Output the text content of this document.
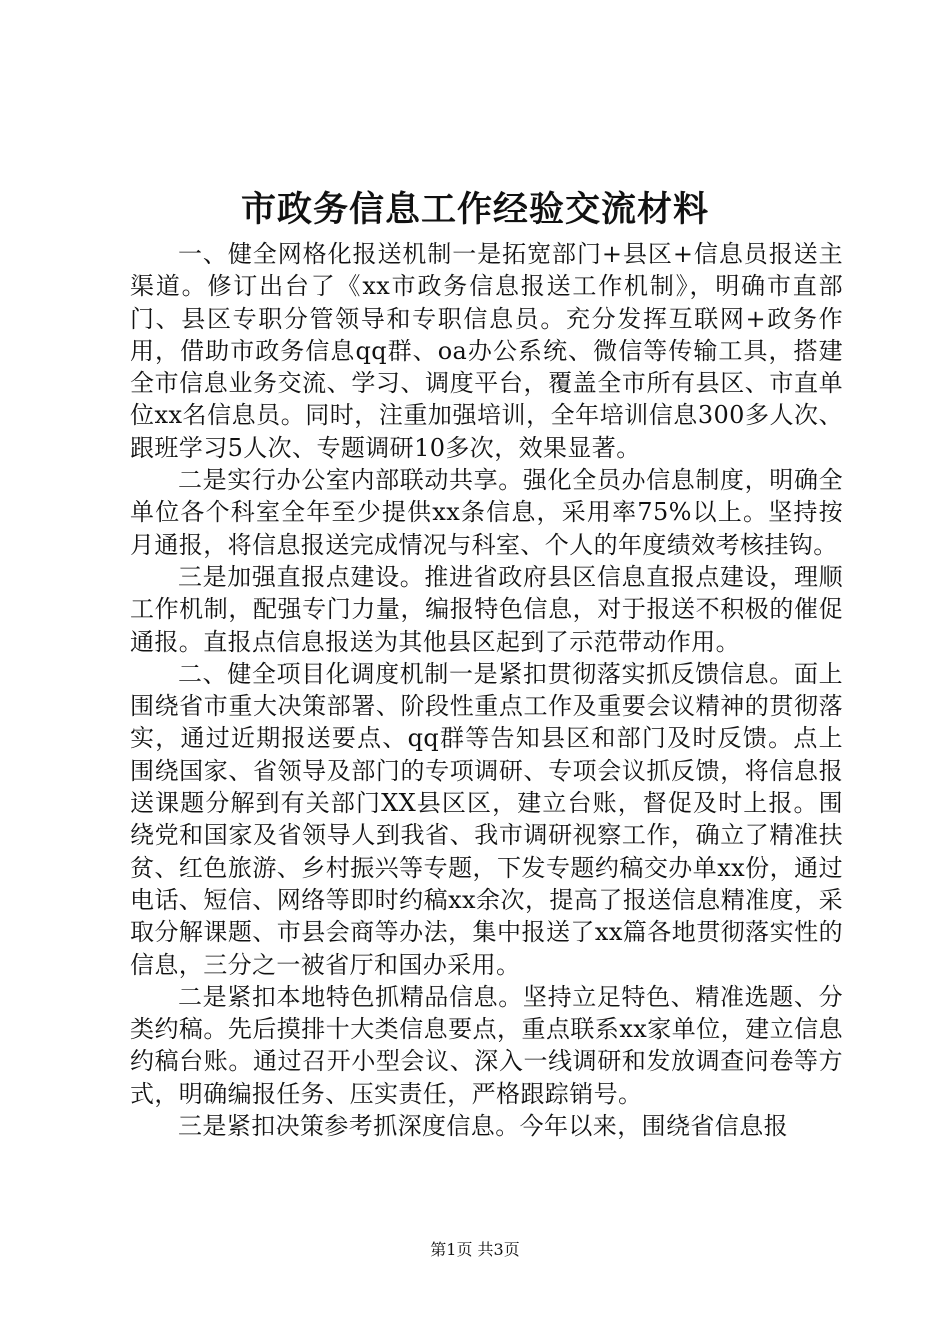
市政务信息工作经验交流材料

一、健全网格化报送机制一是拓宽部门+县区+信息员报送主渠道。修订出台了《xx市政务信息报送工作机制》，明确市直部门、县区专职分管领导和专职信息员。充分发挥互联网+政务作用，借助市政务信息qq群、oa办公系统、微信等传输工具，搭建全市信息业务交流、学习、调度平台，覆盖全市所有县区、市直单位xx名信息员。同时，注重加强培训，全年培训信息300多人次、跟班学习5人次、专题调研10多次，效果显著。

二是实行办公室内部联动共享。强化全员办信息制度，明确全单位各个科室全年至少提供xx条信息，采用率75%以上。坚持按月通报，将信息报送完成情况与科室、个人的年度绩效考核挂钩。

三是加强直报点建设。推进省政府县区信息直报点建设，理顺工作机制，配强专门力量，编报特色信息，对于报送不积极的催促通报。直报点信息报送为其他县区起到了示范带动作用。

二、健全项目化调度机制一是紧扣贯彻落实抓反馈信息。面上围绕省市重大决策部署、阶段性重点工作及重要会议精神的贯彻落实，通过近期报送要点、qq群等告知县区和部门及时反馈。点上围绕国家、省领导及部门的专项调研、专项会议抓反馈，将信息报送课题分解到有关部门XX县区区，建立台账，督促及时上报。围绕党和国家及省领导人到我省、我市调研视察工作，确立了精准扶贫、红色旅游、乡村振兴等专题，下发专题约稿交办单xx份，通过电话、短信、网络等即时约稿xx余次，提高了报送信息精准度，采取分解课题、市县会商等办法，集中报送了xx篇各地贯彻落实性的信息，三分之一被省厅和国办采用。

二是紧扣本地特色抓精品信息。坚持立足特色、精准选题、分类约稿。先后摸排十大类信息要点，重点联系xx家单位，建立信息约稿台账。通过召开小型会议、深入一线调研和发放调查问卷等方式，明确编报任务、压实责任，严格跟踪销号。

三是紧扣决策参考抓深度信息。今年以来，围绕省信息报

第1页 共3页
